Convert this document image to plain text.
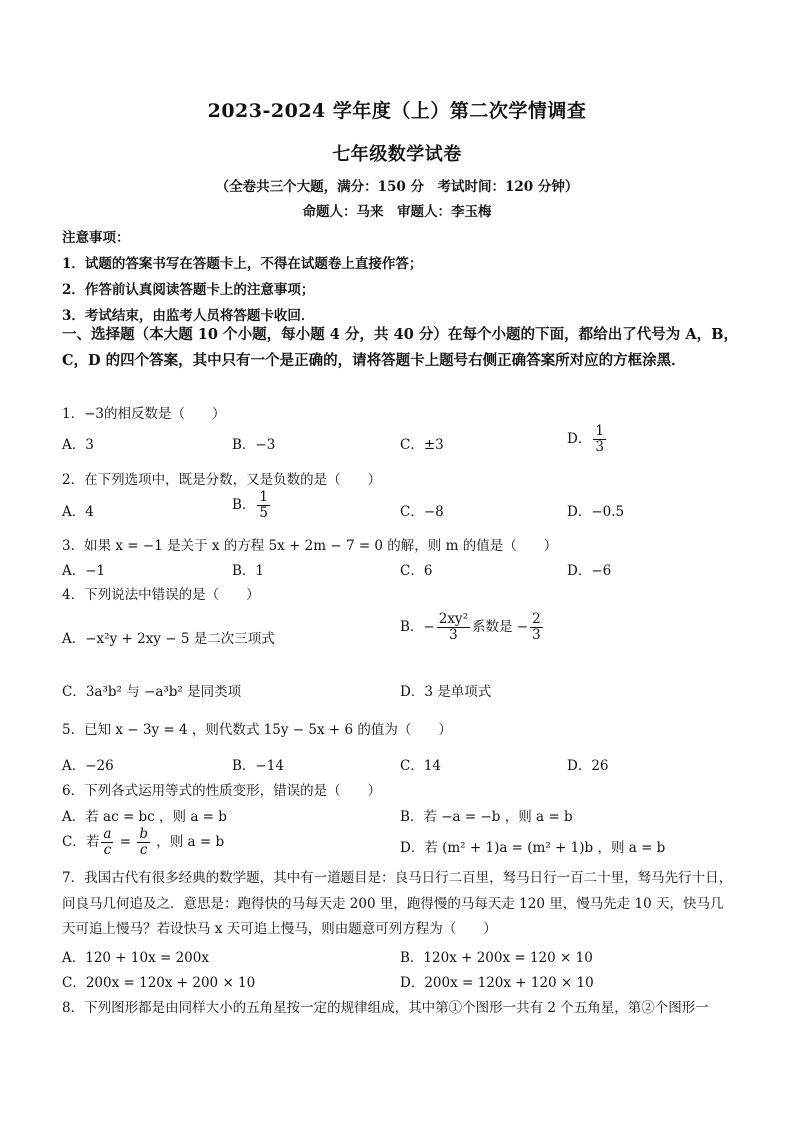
2023-2024 学年度（上）第二次学情调查
七年级数学试卷
（全卷共三个大题，满分：150 分　考试时间：120 分钟）
命题人：马来　审题人：李玉梅
注意事项：
1．试题的答案书写在答题卡上，不得在试题卷上直接作答；
2．作答前认真阅读答题卡上的注意事项；
3．考试结束，由监考人员将答题卡收回．
一、选择题（本大题 10 个小题，每小题 4 分，共 40 分）在每个小题的下面，都给出了代号为 A，B，C，D 的四个答案，其中只有一个是正确的，请将答题卡上题号右侧正确答案所对应的方框涂黑．
1．−3的相反数是（　　）
A．3	B．−3	C．±3	D． $\frac{1}{3}$
2．在下列选项中，既是分数，又是负数的是（　　）
A．4	B． $\frac{1}{5}$	C．−8	D．−0.5
3．如果 x = −1 是关于 x 的方程 5x + 2m − 7 = 0 的解，则 m 的值是（　　）
A．−1	B．1	C．6	D．−6
4．下列说法中错误的是（　　）
A．−x²y + 2xy − 5 是二次三项式
B．− $\frac{\text{2xy²}}{3}$ 系数是 − $\frac{2}{3}$
C．3a³b² 与 −a³b² 是同类项	D．3 是单项式
5．已知 x − 3y = 4 ，则代数式 15y − 5x + 6 的值为（　　）
A．−26	B．−14	C．14	D．26
6．下列各式运用等式的性质变形，错误的是（　　）
A．若 ac = bc ，则 a = b	B．若 −a = −b ，则 a = b
C．若 $\frac{a}{c} = \frac{b}{c}$ ，则 a = b	D．若 (m² + 1)a = (m² + 1)b ，则 a = b
7．我国古代有很多经典的数学题，其中有一道题目是：良马日行二百里，驽马日行一百二十里，驽马先行十日，问良马几何追及之．意思是：跑得快的马每天走 200 里，跑得慢的马每天走 120 里，慢马先走 10 天，快马几天可追上慢马？若设快马 x 天可追上慢马，则由题意可列方程为（　　）
A．120 + 10x = 200x	B．120x + 200x = 120 × 10
C．200x = 120x + 200 × 10	D．200x = 120x + 120 × 10
8．下列图形都是由同样大小的五角星按一定的规律组成，其中第①个图形一共有 2 个五角星，第②个图形一
